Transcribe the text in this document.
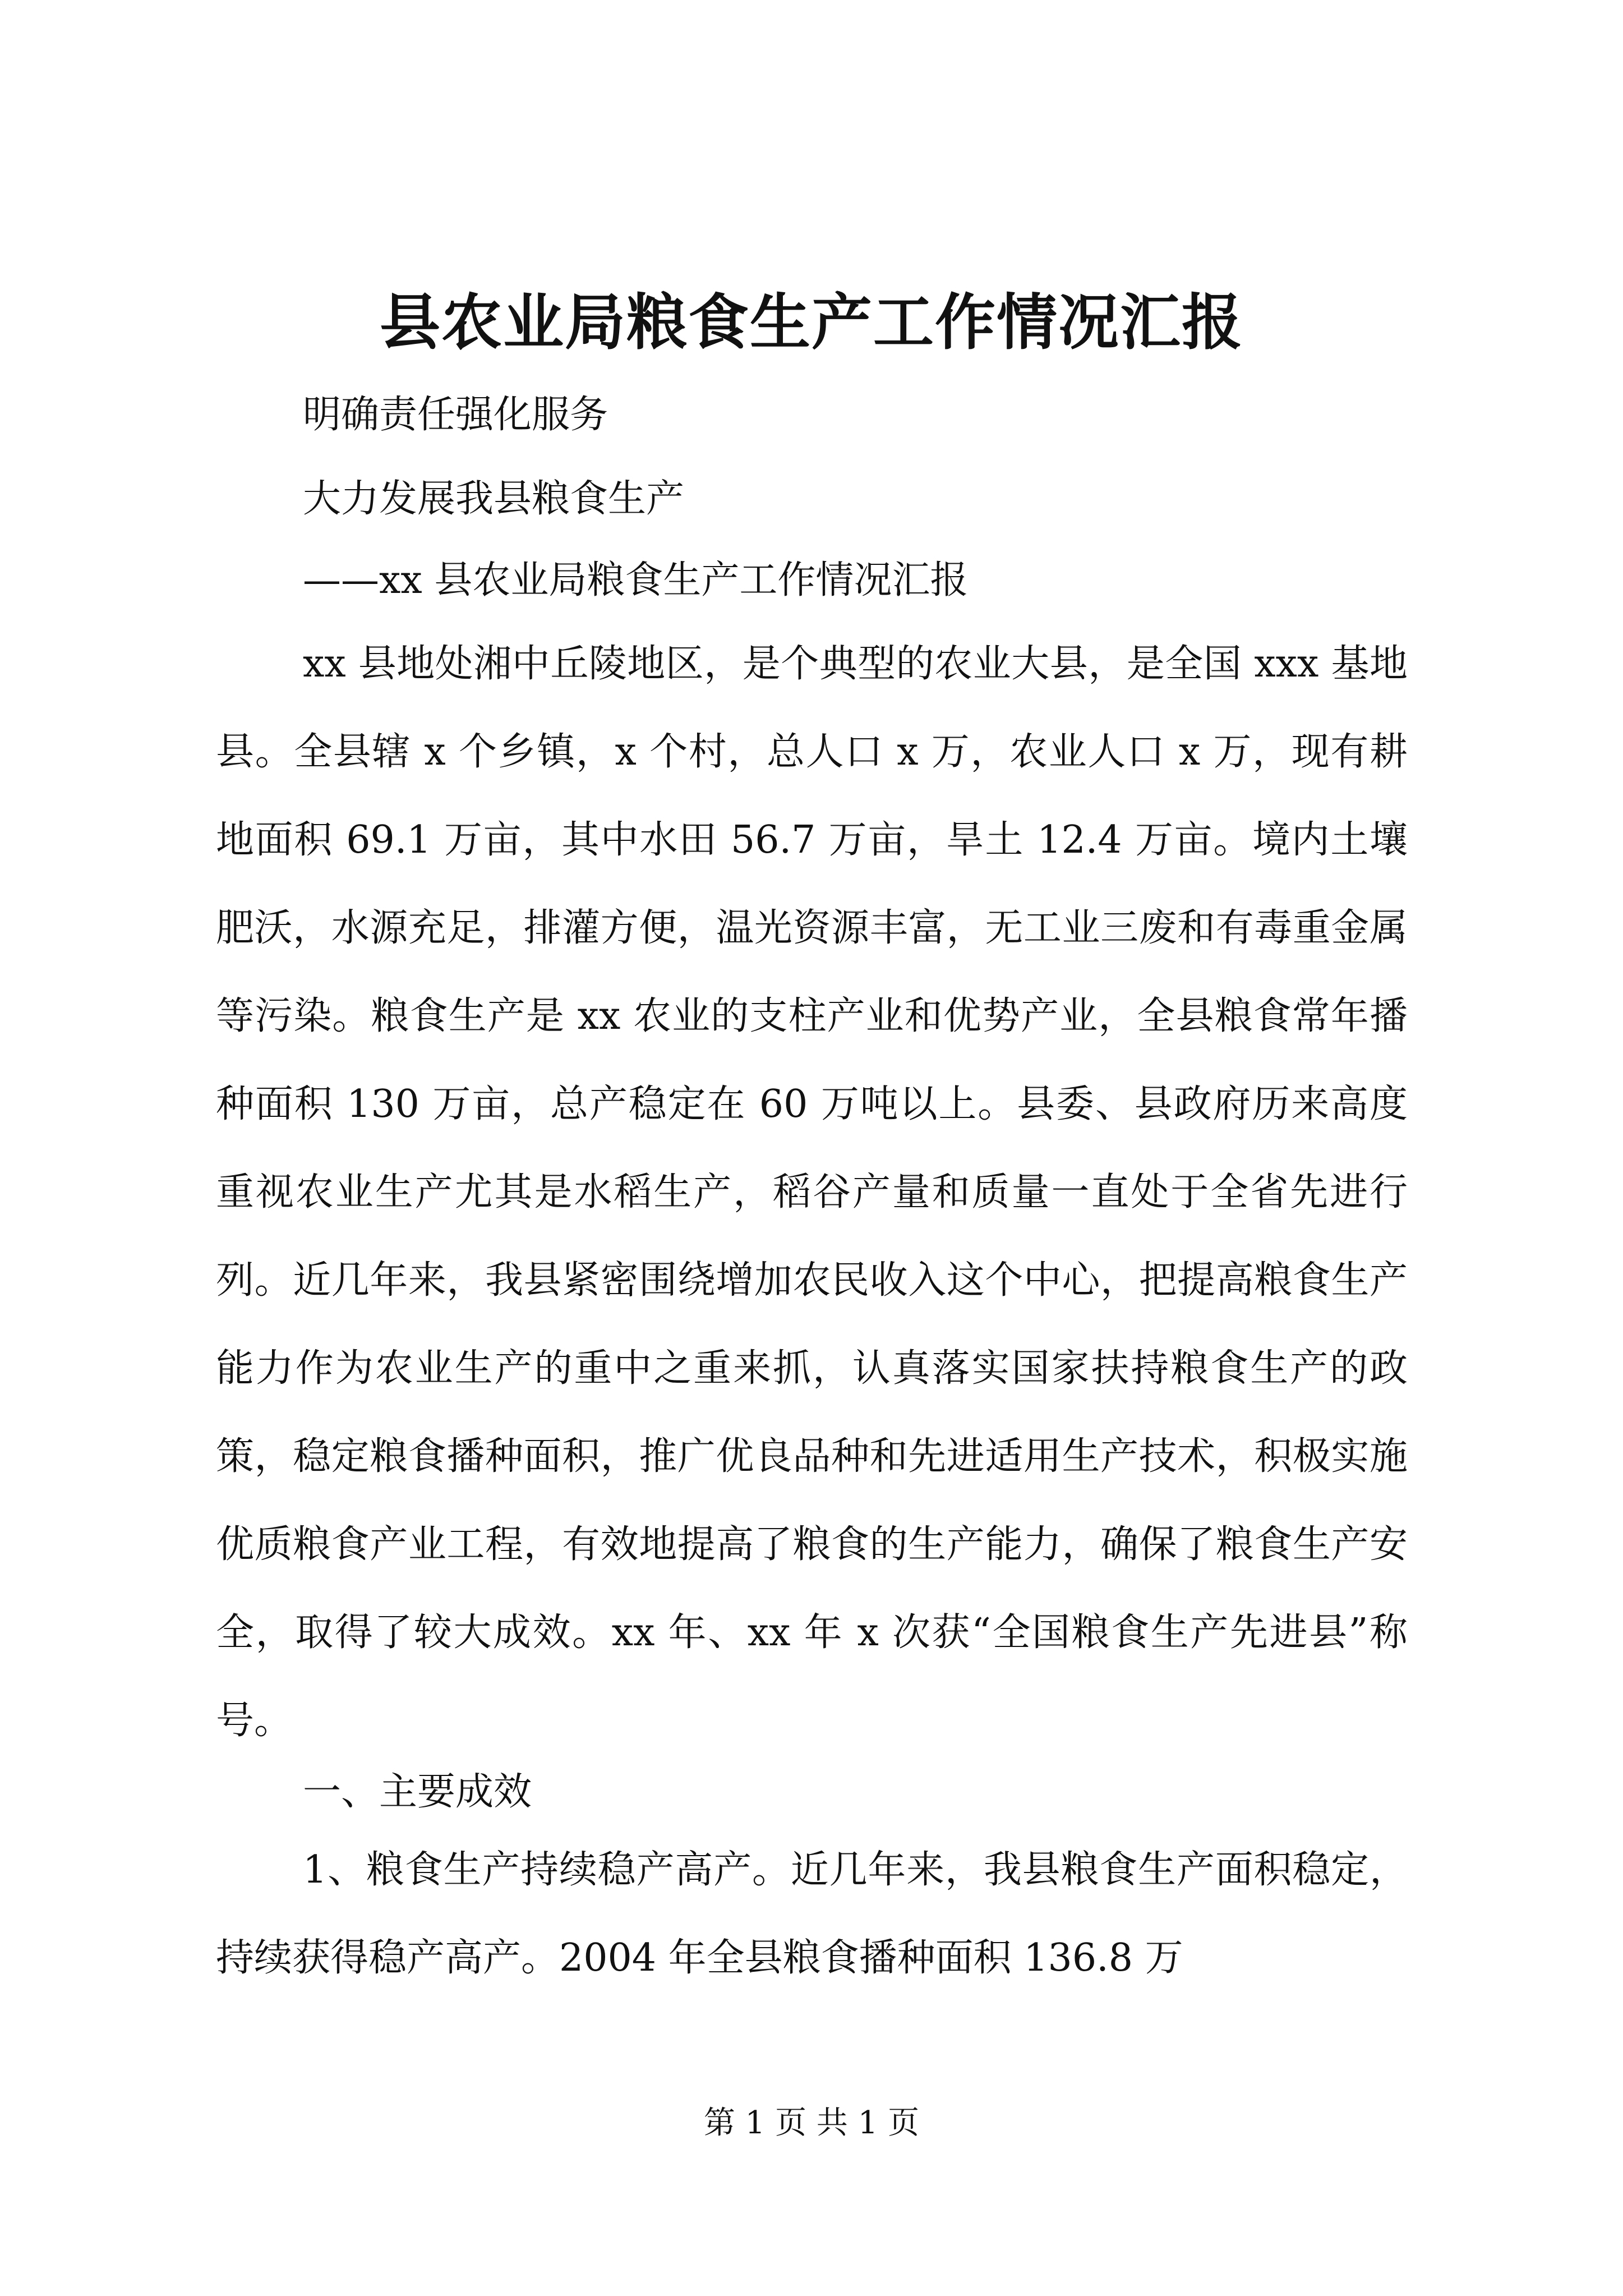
县农业局粮食生产工作情况汇报
明确责任强化服务
大力发展我县粮食生产
——xx 县农业局粮食生产工作情况汇报

xx 县地处湘中丘陵地区，是个典型的农业大县，是全国 xxx 基地县。全县辖 x 个乡镇，x 个村，总人口 x 万，农业人口 x 万，现有耕地面积 69.1 万亩，其中水田 56.7 万亩，旱土 12.4 万亩。境内土壤肥沃，水源充足，排灌方便，温光资源丰富，无工业三废和有毒重金属等污染。粮食生产是 xx 农业的支柱产业和优势产业，全县粮食常年播种面积 130 万亩，总产稳定在 60 万吨以上。县委、县政府历来高度重视农业生产尤其是水稻生产，稻谷产量和质量一直处于全省先进行列。近几年来，我县紧密围绕增加农民收入这个中心，把提高粮食生产能力作为农业生产的重中之重来抓，认真落实国家扶持粮食生产的政策，稳定粮食播种面积，推广优良品种和先进适用生产技术，积极实施优质粮食产业工程，有效地提高了粮食的生产能力，确保了粮食生产安全，取得了较大成效。xx 年、xx 年 x 次获“全国粮食生产先进县”称号。

一、主要成效

1、粮食生产持续稳产高产。近几年来，我县粮食生产面积稳定，持续获得稳产高产。2004 年全县粮食播种面积 136.8 万

第 1 页 共 1 页
